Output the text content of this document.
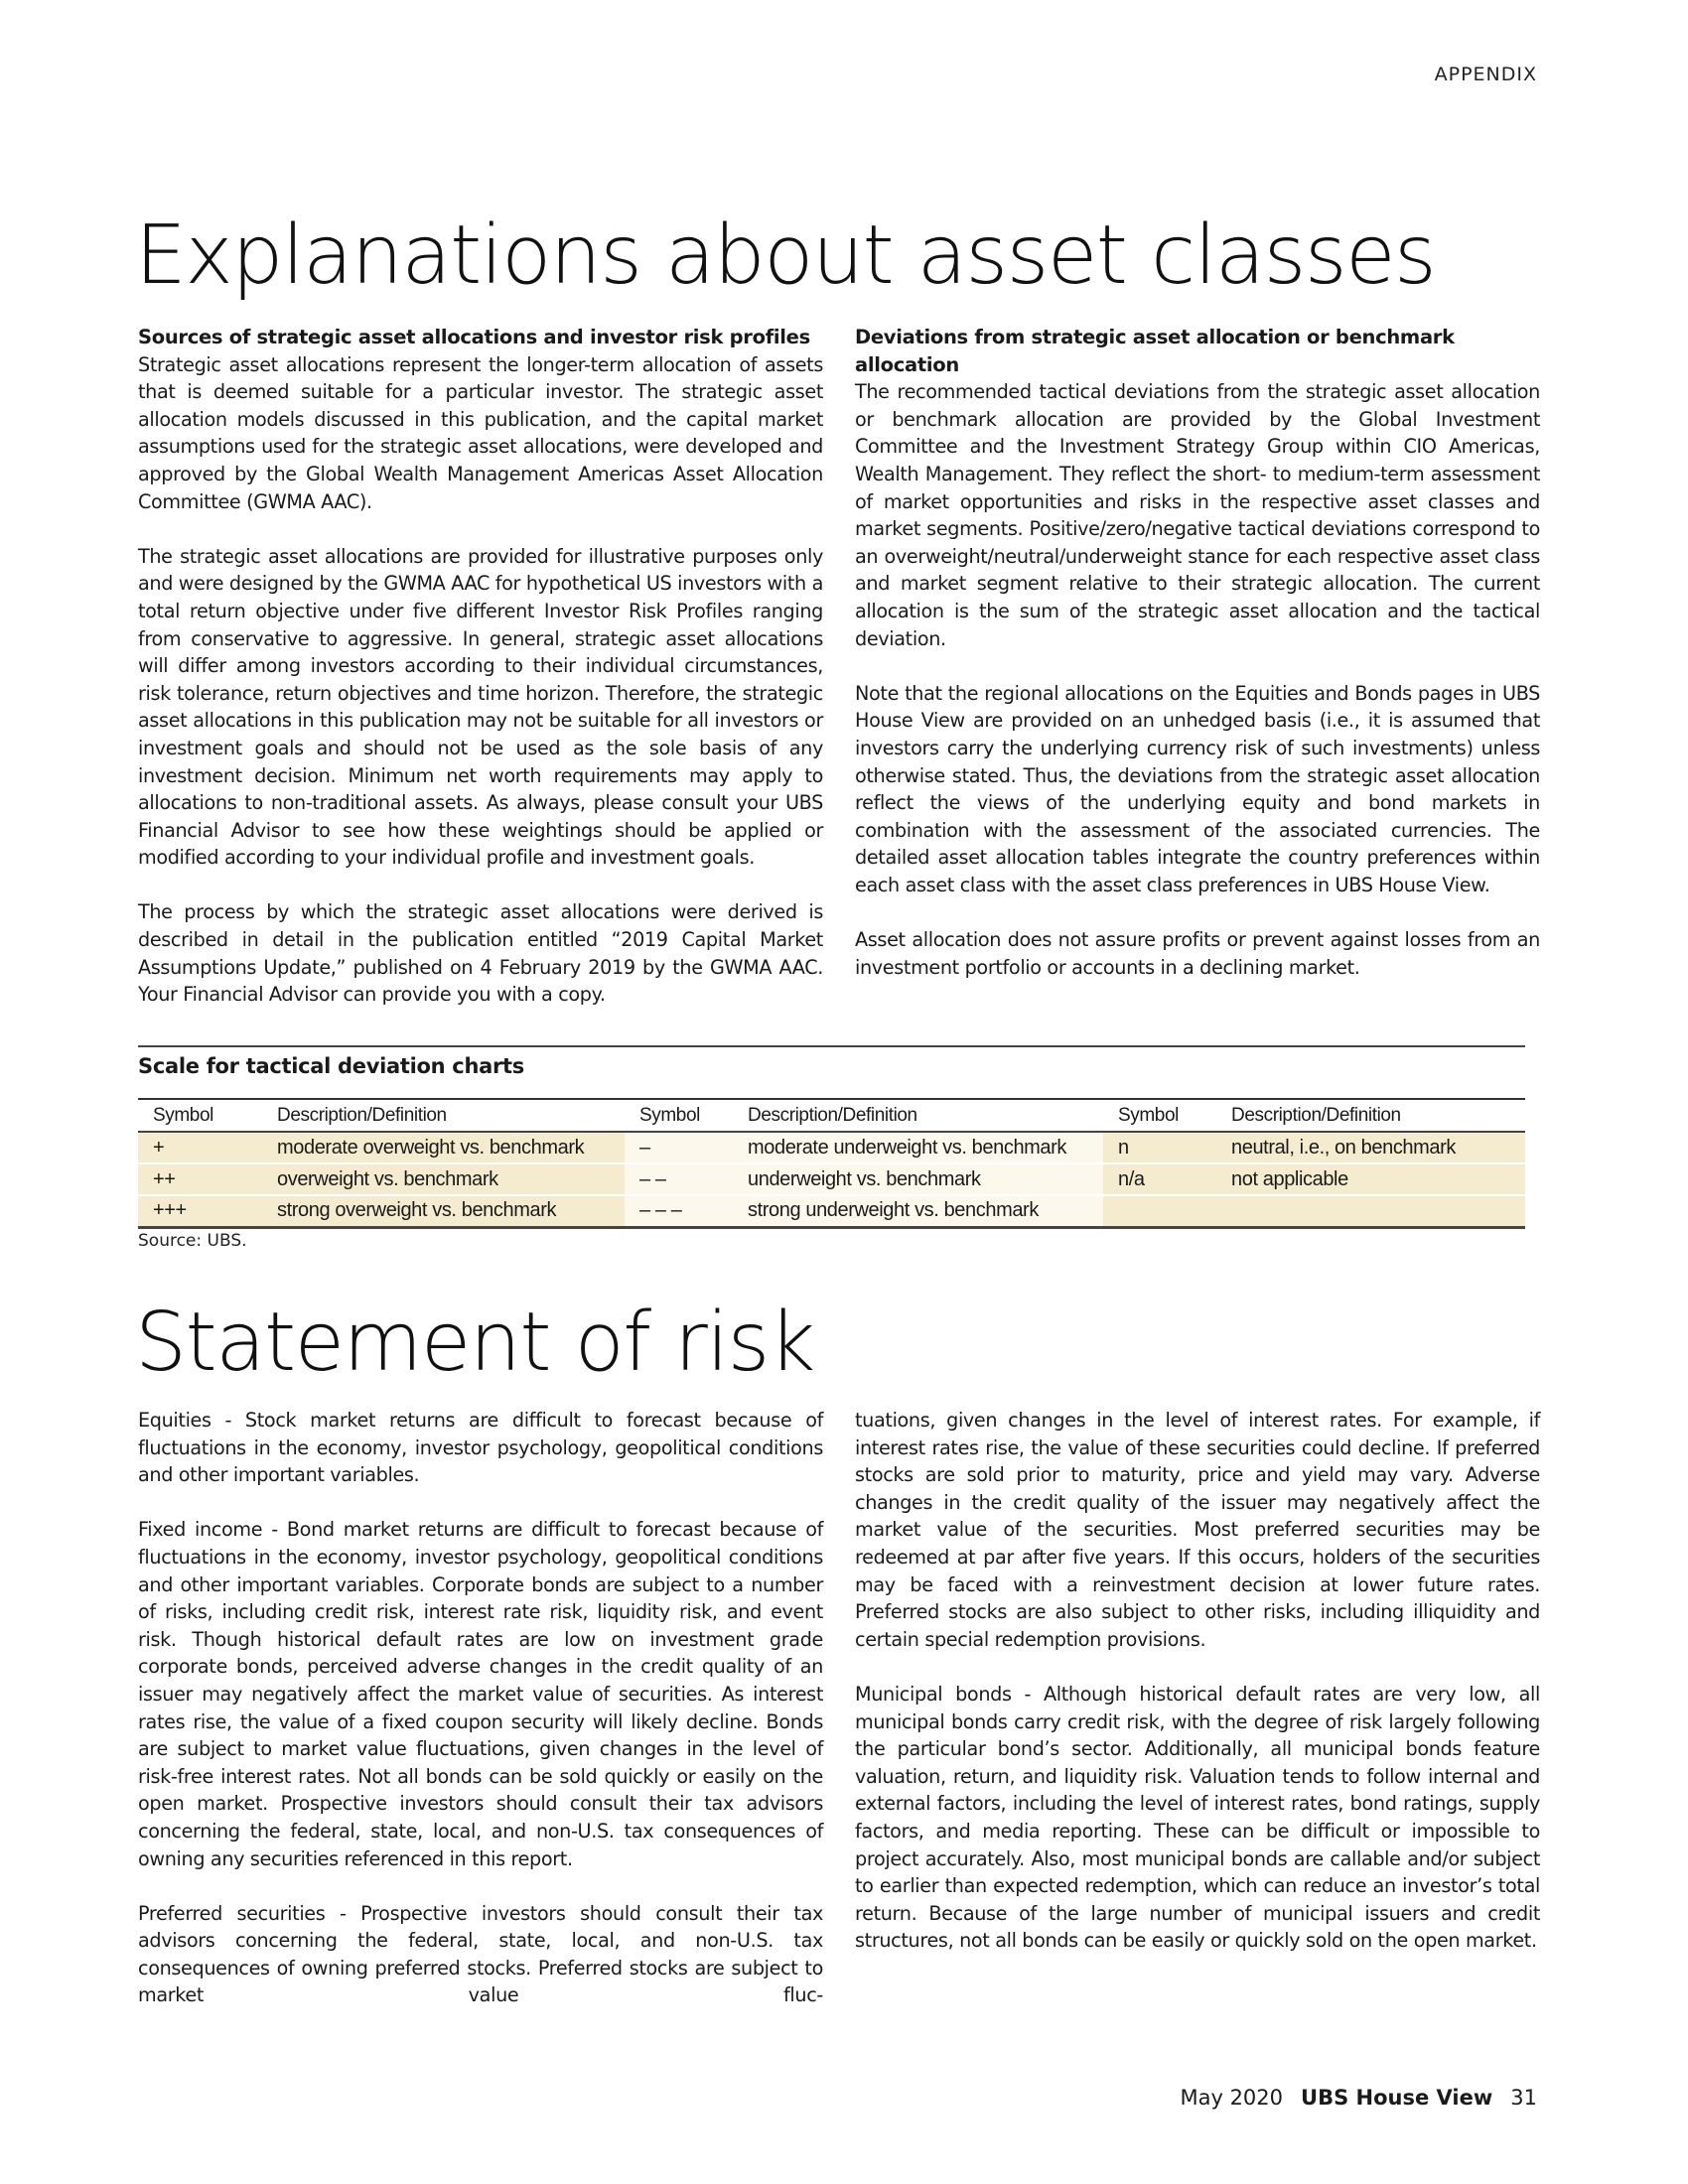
APPENDIX
Explanations about asset classes
Sources of strategic asset allocations and investor risk profiles

Strategic asset allocations represent the longer-term allocation of assets that is deemed suitable for a particular investor. The strategic asset allocation models discussed in this publication, and the capital market assumptions used for the strategic asset allocations, were developed and approved by the Global Wealth Management Americas Asset Allocation Committee (GWMA AAC).

The strategic asset allocations are provided for illustrative purposes only and were designed by the GWMA AAC for hypothetical US investors with a total return objective under five different Investor Risk Profiles ranging from conservative to aggressive. In general, strategic asset allocations will differ among investors according to their individual circumstances, risk tolerance, return objectives and time horizon. Therefore, the strategic asset allocations in this publication may not be suitable for all investors or investment goals and should not be used as the sole basis of any investment decision. Minimum net worth requirements may apply to allocations to non-traditional assets. As always, please consult your UBS Financial Advisor to see how these weightings should be applied or modified according to your individual profile and investment goals.

The process by which the strategic asset allocations were derived is described in detail in the publication entitled “2019 Capital Market Assumptions Update,” published on 4 February 2019 by the GWMA AAC. Your Financial Advisor can provide you with a copy.

Deviations from strategic asset allocation or benchmark allocation

The recommended tactical deviations from the strategic asset allocation or benchmark allocation are provided by the Global Investment Committee and the Investment Strategy Group within CIO Americas, Wealth Management. They reflect the short- to medium-term assessment of market opportunities and risks in the respective asset classes and market segments. Positive/zero/negative tactical deviations correspond to an overweight/neutral/underweight stance for each respective asset class and market segment relative to their strategic allocation. The current allocation is the sum of the strategic asset allocation and the tactical deviation.

Note that the regional allocations on the Equities and Bonds pages in UBS House View are provided on an unhedged basis (i.e., it is assumed that investors carry the underlying currency risk of such investments) unless otherwise stated. Thus, the deviations from the strategic asset allocation reflect the views of the underlying equity and bond markets in combination with the assessment of the associated currencies. The detailed asset allocation tables integrate the country preferences within each asset class with the asset class preferences in UBS House View.

Asset allocation does not assure profits or prevent against losses from an investment portfolio or accounts in a declining market.

Scale for tactical deviation charts
Symbol	Description/Definition	Symbol	Description/Definition	Symbol	Description/Definition
+	moderate overweight vs. benchmark	–	moderate underweight vs. benchmark	n	neutral, i.e., on benchmark
++	overweight vs. benchmark	– –	underweight vs. benchmark	n/a	not applicable
+++	strong overweight vs. benchmark	– – –	strong underweight vs. benchmark		
Source: UBS.
Statement of risk

Equities - Stock market returns are difficult to forecast because of fluctuations in the economy, investor psychology, geopolitical conditions and other important variables.

Fixed income - Bond market returns are difficult to forecast because of fluctuations in the economy, investor psychology, geopolitical conditions and other important variables. Corporate bonds are subject to a number of risks, including credit risk, interest rate risk, liquidity risk, and event risk. Though historical default rates are low on investment grade corporate bonds, perceived adverse changes in the credit quality of an issuer may negatively affect the market value of securities. As interest rates rise, the value of a fixed coupon security will likely decline. Bonds are subject to market value fluctuations, given changes in the level of risk-free interest rates. Not all bonds can be sold quickly or easily on the open market. Prospective investors should consult their tax advisors concerning the federal, state, local, and non-U.S. tax consequences of owning any securities referenced in this report.

Preferred securities - Prospective investors should consult their tax advisors concerning the federal, state, local, and non-U.S. tax consequences of owning preferred stocks. Preferred stocks are subject to market value fluc-

tuations, given changes in the level of interest rates. For example, if interest rates rise, the value of these securities could decline. If preferred stocks are sold prior to maturity, price and yield may vary. Adverse changes in the credit quality of the issuer may negatively affect the market value of the securities. Most preferred securities may be redeemed at par after five years. If this occurs, holders of the securities may be faced with a reinvestment decision at lower future rates. Preferred stocks are also subject to other risks, including illiquidity and certain special redemption provisions.

Municipal bonds - Although historical default rates are very low, all municipal bonds carry credit risk, with the degree of risk largely following the particular bond’s sector. Additionally, all municipal bonds feature valuation, return, and liquidity risk. Valuation tends to follow internal and external factors, including the level of interest rates, bond ratings, supply factors, and media reporting. These can be difficult or impossible to project accurately. Also, most municipal bonds are callable and/or subject to earlier than expected redemption, which can reduce an investor’s total return. Because of the large number of municipal issuers and credit structures, not all bonds can be easily or quickly sold on the open market.

May 2020 UBS House View 31
